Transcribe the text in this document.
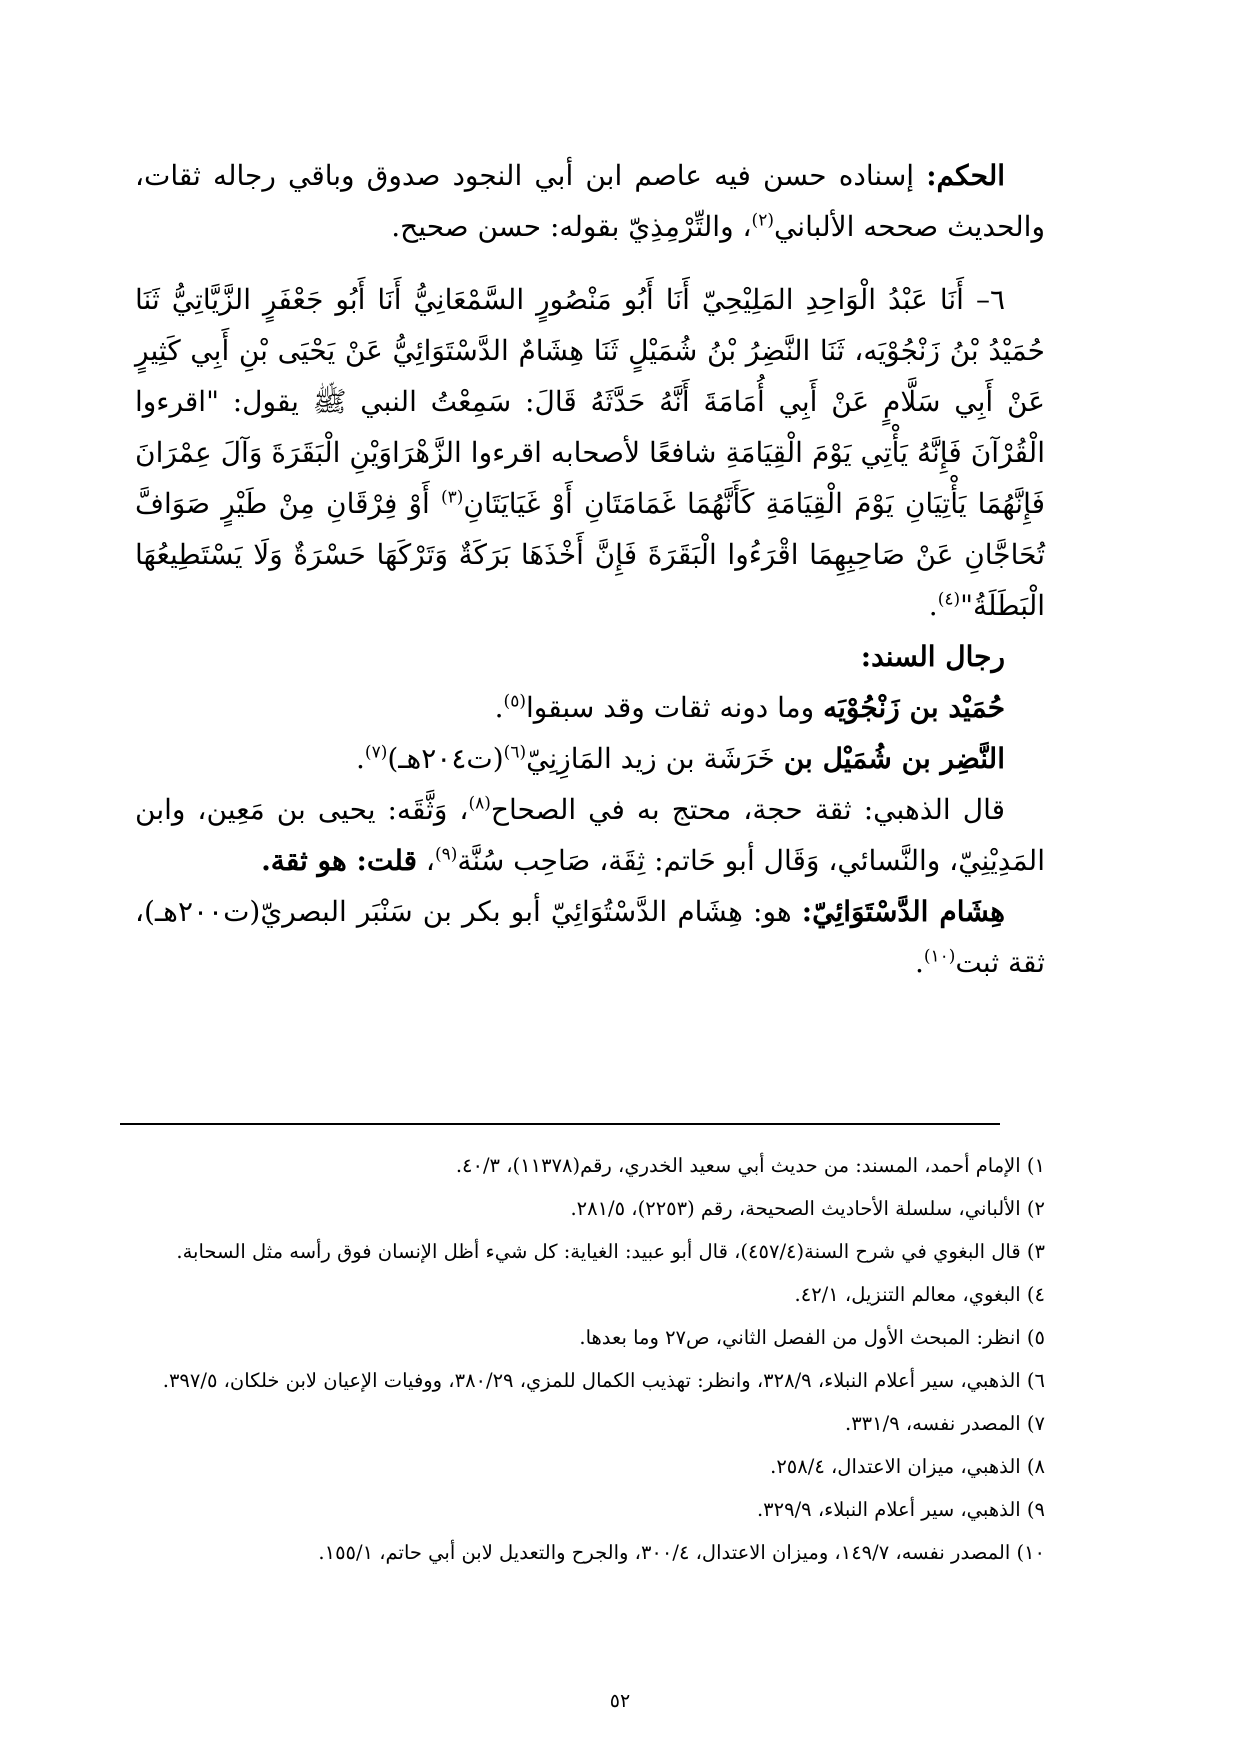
الحكم: إسناده حسن فيه عاصم ابن أبي النجود صدوق وباقي رجاله ثقات، والحديث صححه الألباني$^{(٢)}$، والتِّرْمِذِيّ بقوله: حسن صحيح.

٦– أَنَا عَبْدُ الْوَاحِدِ المَلِيْحِيّ أَنَا أَبُو مَنْصُورٍ السَّمْعَانِيُّ أَنَا أَبُو جَعْفَرٍ الزَّيَّاتِيُّ ثَنَا حُمَيْدُ بْنُ زَنْجُوْيَه، ثَنَا النَّضِرُ بْنُ شُمَيْلٍ ثَنَا هِشَامٌ الدَّسْتَوَائِيُّ عَنْ يَحْيَى بْنِ أَبِي كَثِيرٍ عَنْ أَبِي سَلَّامٍ عَنْ أَبِي أُمَامَةَ أَنَّهُ حَدَّثَهُ قَالَ: سَمِعْتُ النبي ﷺ يقول: "اقرءوا الْقُرْآنَ فَإِنَّهُ يَأْتِي يَوْمَ الْقِيَامَةِ شافعًا لأصحابه اقرءوا الزَّهْرَاوَيْنِ الْبَقَرَةَ وَآلَ عِمْرَانَ فَإِنَّهُمَا يَأْتِيَانِ يَوْمَ الْقِيَامَةِ كَأَنَّهُمَا غَمَامَتَانِ أَوْ غَيَايَتَانِ$^{(٣)}$ أَوْ فِرْقَانِ مِنْ طَيْرٍ صَوَافَّ تُحَاجَّانِ عَنْ صَاحِبِهِمَا اقْرَءُوا الْبَقَرَةَ فَإِنَّ أَخْذَهَا بَرَكَةٌ وَتَرْكَهَا حَسْرَةٌ وَلَا يَسْتَطِيعُهَا الْبَطَلَةُ"$^{(٤)}$.

رجال السند:

حُمَيْد بن زَنْجُوْيَه وما دونه ثقات وقد سبقوا$^{(٥)}$.

النَّضِر بن شُمَيْل بن خَرَشَة بن زيد المَازِنِيّ$^{(٦)}$(ت٢٠٤هـ)$^{(٧)}$.

قال الذهبي: ثقة حجة، محتج به في الصحاح$^{(٨)}$، وَثَّقَه: يحيى بن مَعِين، وابن المَدِيْنِيّ، والنَّسائي، وَقَال أبو حَاتم: ثِقَة، صَاحِب سُنَّة$^{(٩)}$، قلت: هو ثقة.

هِشَام الدَّسْتَوَائِيّ: هو: هِشَام الدَّسْتُوَائِيّ أبو بكر بن سَنْبَر البصريّ(ت٢٠٠هـ)، ثقة ثبت$^{(١٠)}$.

١) الإمام أحمد، المسند: من حديث أبي سعيد الخدري، رقم(١١٣٧٨)، ٤٠/٣.

٢) الألباني، سلسلة الأحاديث الصحيحة، رقم (٢٢٥٣)، ٢٨١/٥.

٣) قال البغوي في شرح السنة(٤٥٧/٤)، قال أبو عبيد: الغياية: كل شيء أظل الإنسان فوق رأسه مثل السحابة.

٤) البغوي، معالم التنزيل، ٤٢/١.

٥) انظر: المبحث الأول من الفصل الثاني، ص٢٧ وما بعدها.

٦) الذهبي، سير أعلام النبلاء، ٣٢٨/٩، وانظر: تهذيب الكمال للمزي، ٣٨٠/٢٩، ووفيات الإعيان لابن خلكان، ٣٩٧/٥.

٧) المصدر نفسه، ٣٣١/٩.

٨) الذهبي، ميزان الاعتدال، ٢٥٨/٤.

٩) الذهبي، سير أعلام النبلاء، ٣٢٩/٩.

١٠) المصدر نفسه، ١٤٩/٧، وميزان الاعتدال، ٣٠٠/٤، والجرح والتعديل لابن أبي حاتم، ١٥٥/١.

٥٢
